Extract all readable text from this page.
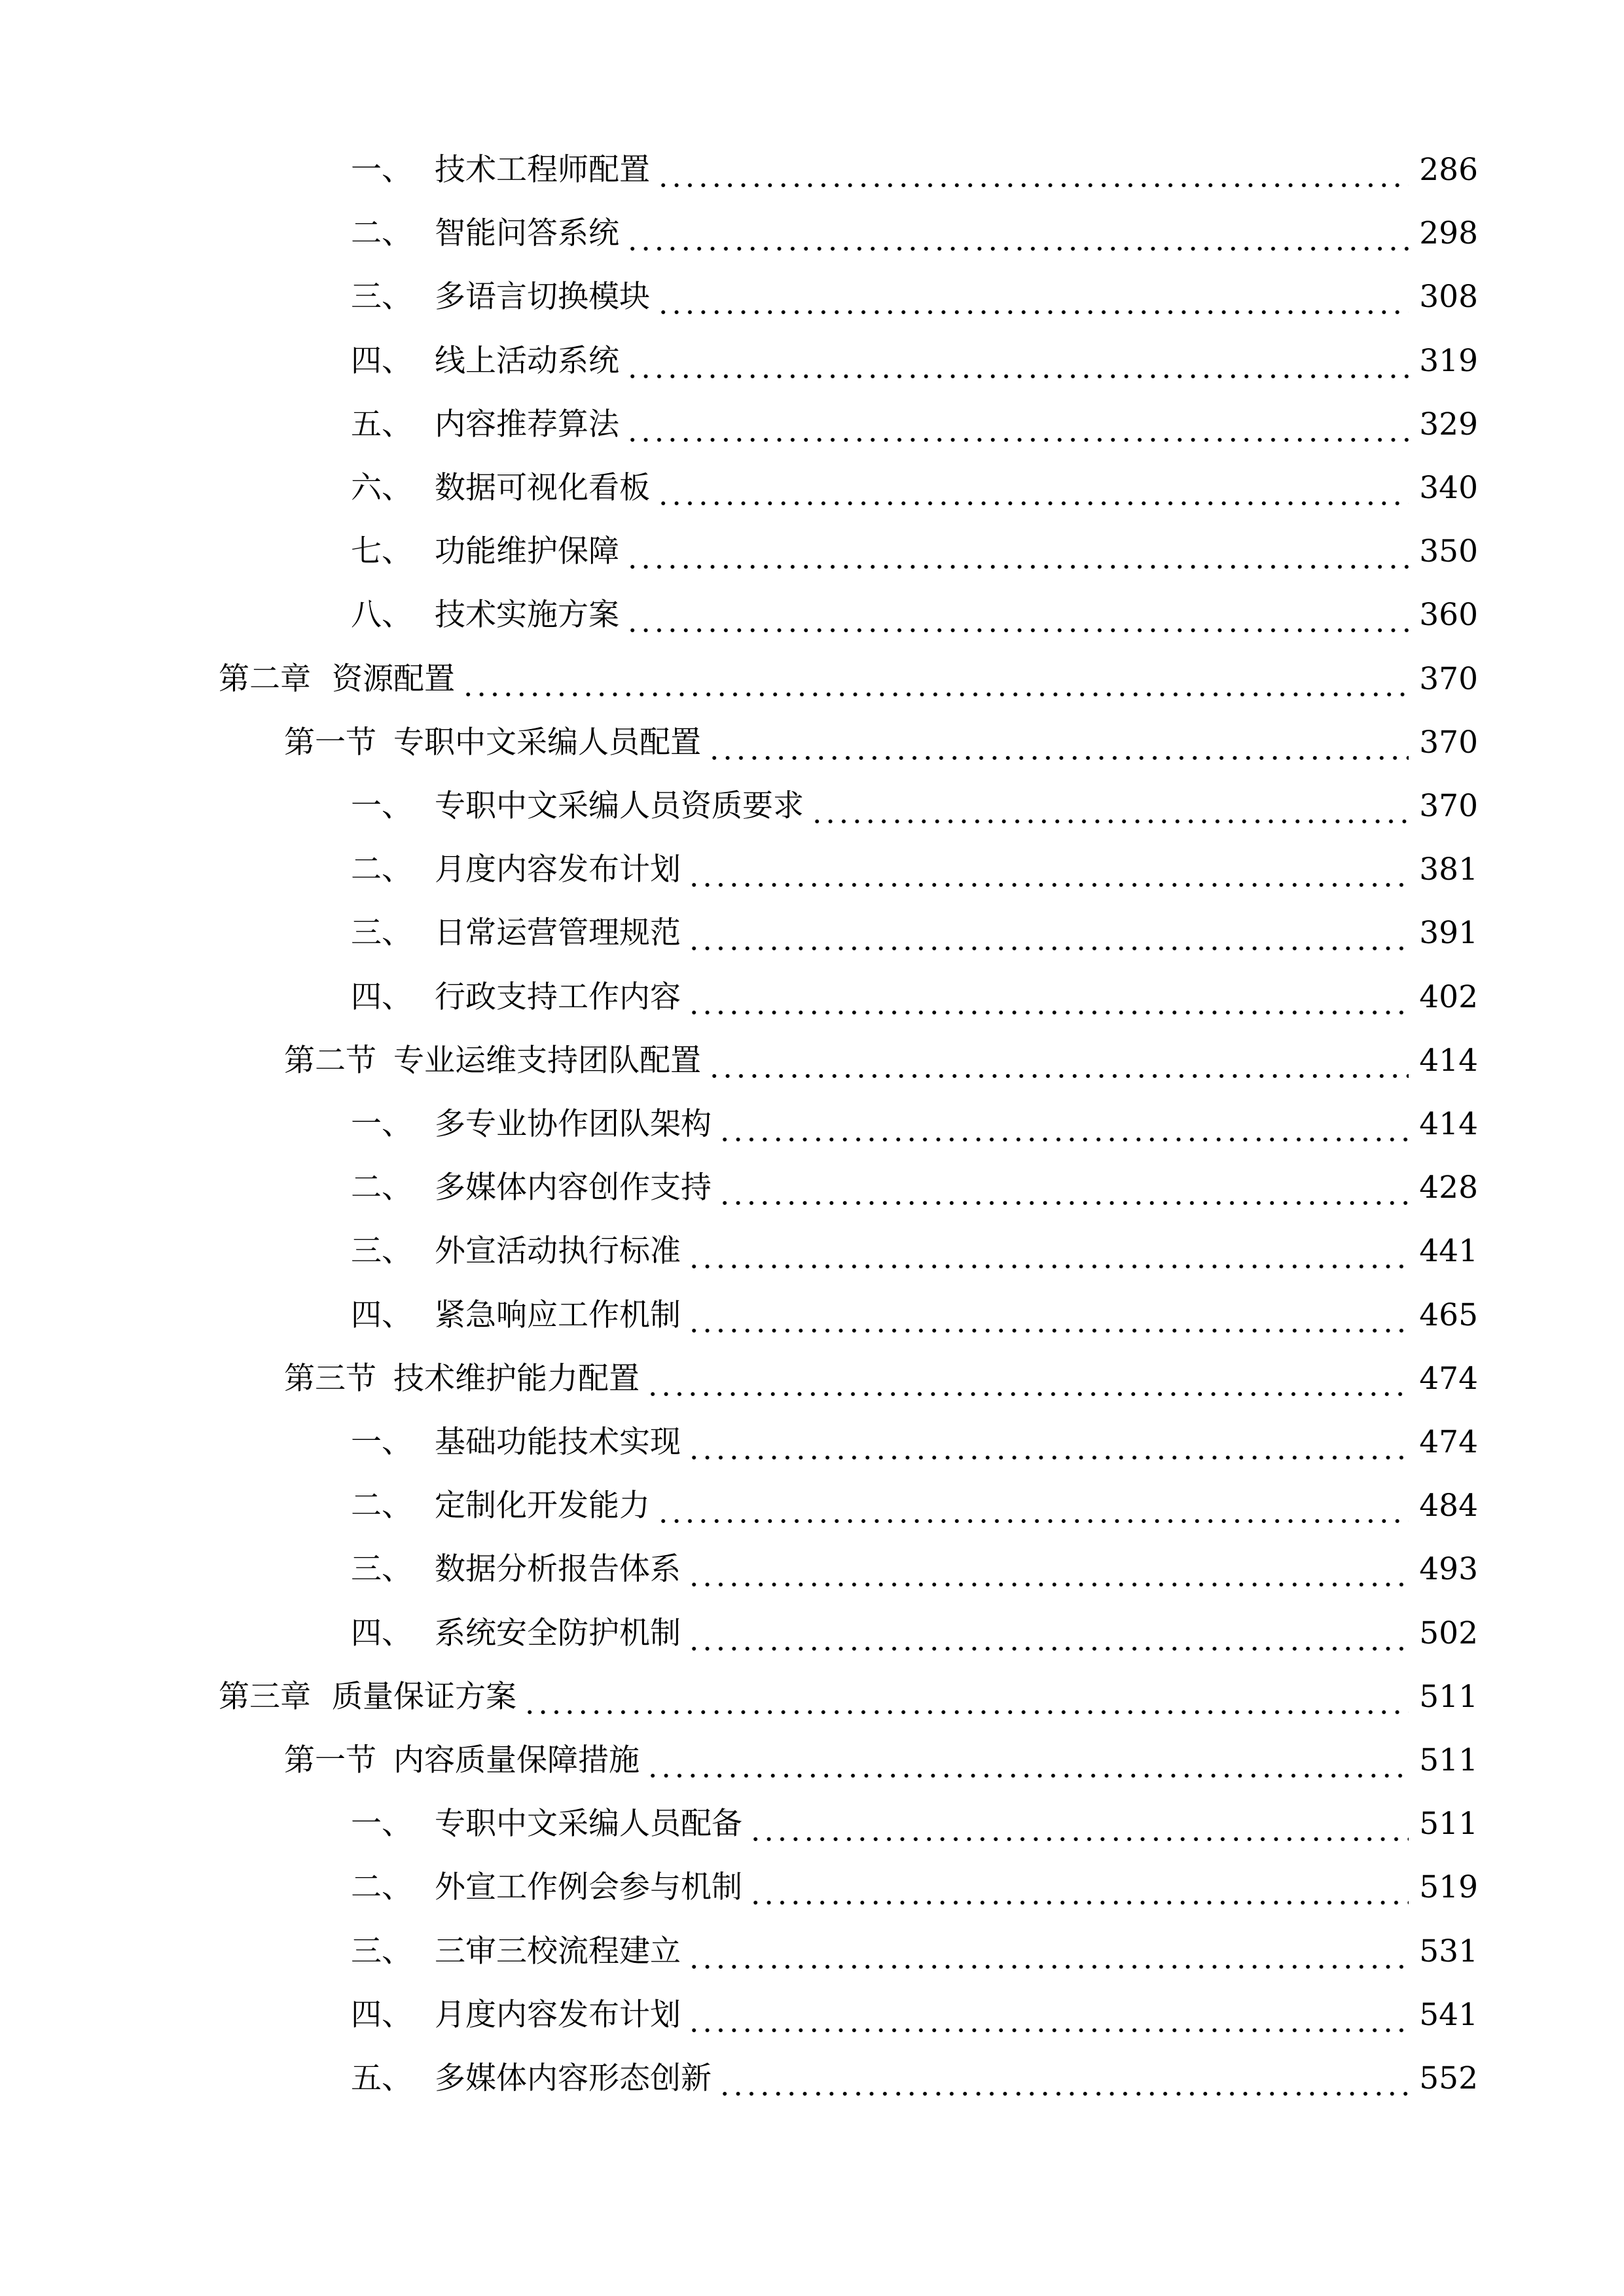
一、 技术工程师配置	286
二、 智能问答系统	298
三、 多语言切换模块	308
四、 线上活动系统	319
五、 内容推荐算法	329
六、 数据可视化看板	340
七、 功能维护保障	350
八、 技术实施方案	360
第二章 资源配置	370
第一节 专职中文采编人员配置	370
一、 专职中文采编人员资质要求	370
二、 月度内容发布计划	381
三、 日常运营管理规范	391
四、 行政支持工作内容	402
第二节 专业运维支持团队配置	414
一、 多专业协作团队架构	414
二、 多媒体内容创作支持	428
三、 外宣活动执行标准	441
四、 紧急响应工作机制	465
第三节 技术维护能力配置	474
一、 基础功能技术实现	474
二、 定制化开发能力	484
三、 数据分析报告体系	493
四、 系统安全防护机制	502
第三章 质量保证方案	511
第一节 内容质量保障措施	511
一、 专职中文采编人员配备	511
二、 外宣工作例会参与机制	519
三、 三审三校流程建立	531
四、 月度内容发布计划	541
五、 多媒体内容形态创新	552
